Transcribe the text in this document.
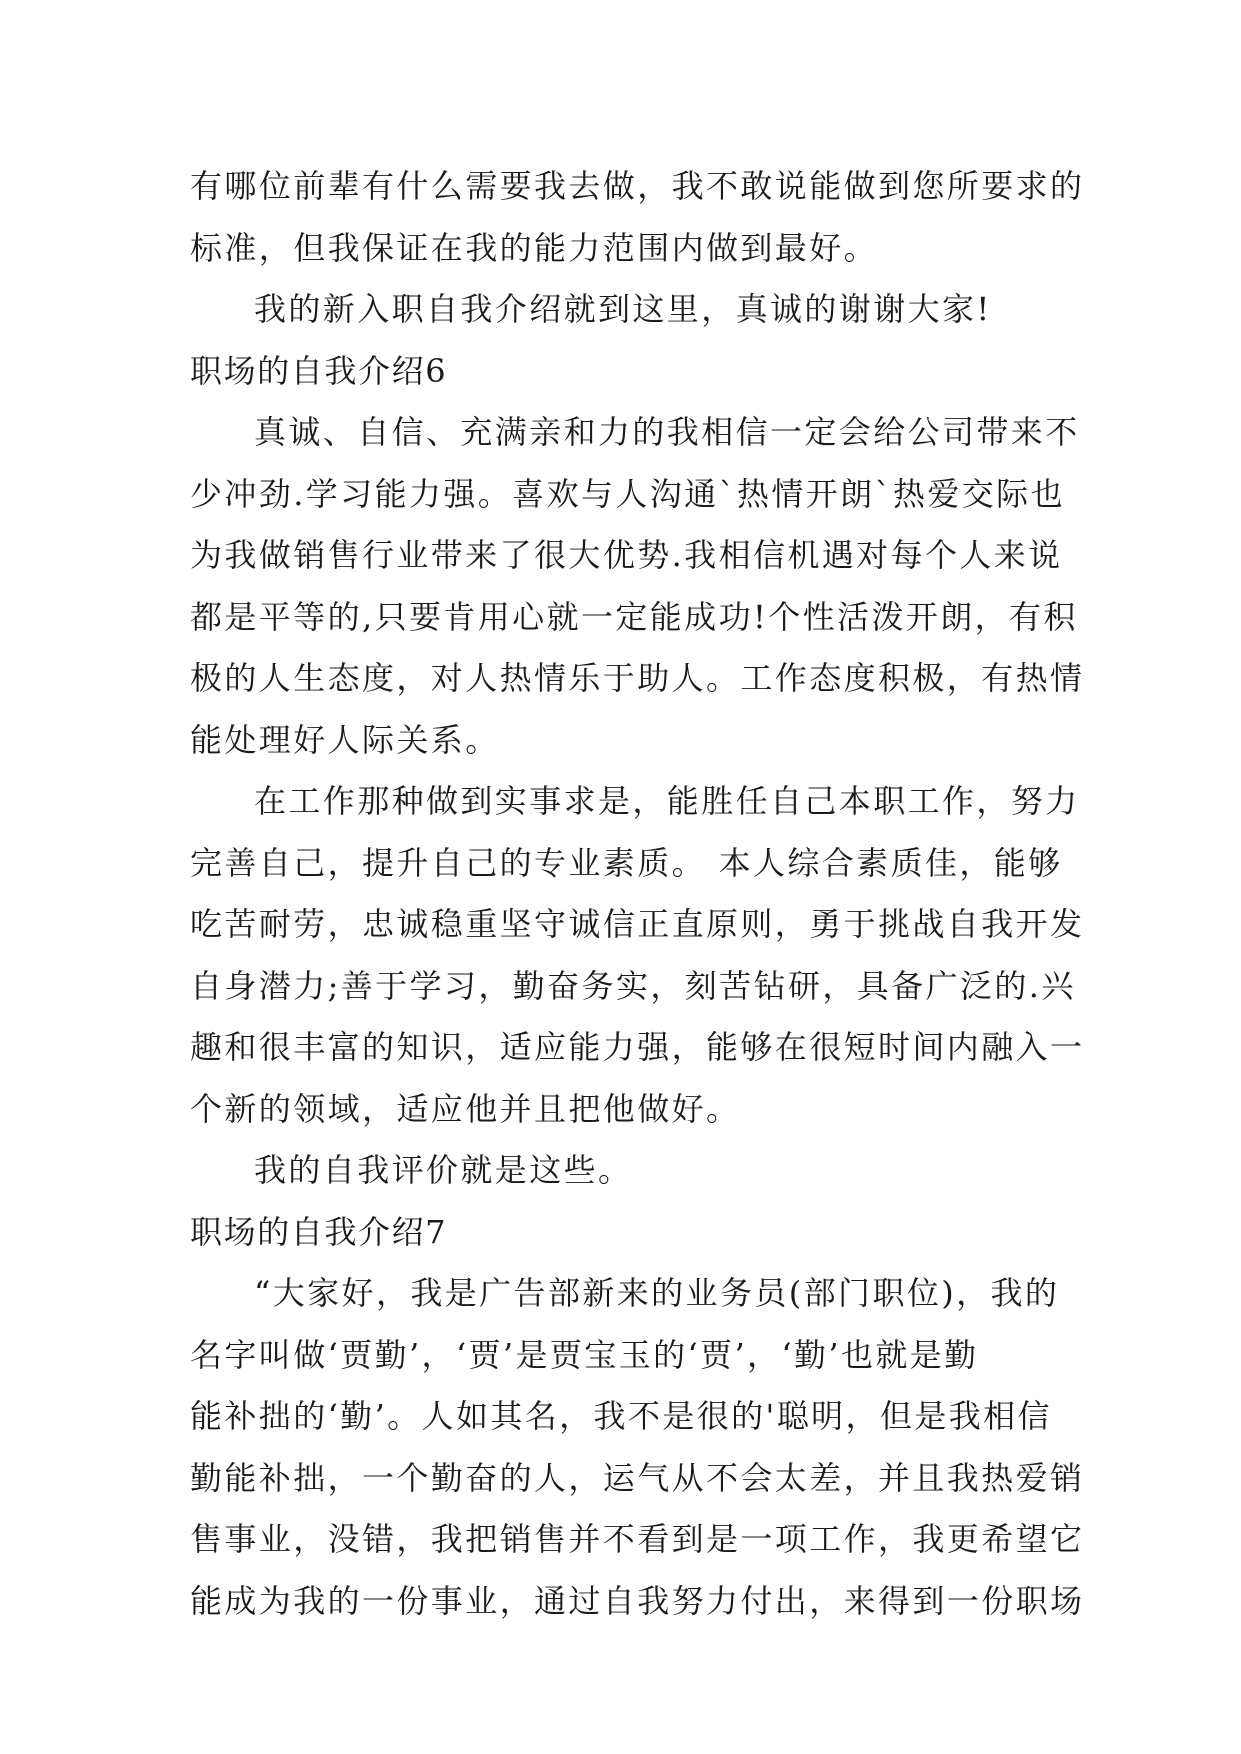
有哪位前辈有什么需要我去做，我不敢说能做到您所要求的
标准，但我保证在我的能力范围内做到最好。
我的新入职自我介绍就到这里，真诚的谢谢大家!
职场的自我介绍6
真诚、自信、充满亲和力的我相信一定会给公司带来不
少冲劲.学习能力强。喜欢与人沟通`热情开朗`热爱交际也
为我做销售行业带来了很大优势.我相信机遇对每个人来说
都是平等的,只要肯用心就一定能成功!个性活泼开朗，有积
极的人生态度，对人热情乐于助人。工作态度积极，有热情
能处理好人际关系。
在工作那种做到实事求是，能胜任自己本职工作，努力
完善自己，提升自己的专业素质。 本人综合素质佳，能够
吃苦耐劳，忠诚稳重坚守诚信正直原则，勇于挑战自我开发
自身潜力;善于学习，勤奋务实，刻苦钻研，具备广泛的.兴
趣和很丰富的知识，适应能力强，能够在很短时间内融入一
个新的领域，适应他并且把他做好。
我的自我评价就是这些。
职场的自我介绍7
“大家好，我是广告部新来的业务员(部门职位)，我的
名字叫做‘贾勤’，‘贾’是贾宝玉的‘贾’，‘勤’也就是勤
能补拙的‘勤’。人如其名，我不是很的'聪明，但是我相信
勤能补拙，一个勤奋的人，运气从不会太差，并且我热爱销
售事业，没错，我把销售并不看到是一项工作，我更希望它
能成为我的一份事业，通过自我努力付出，来得到一份职场
